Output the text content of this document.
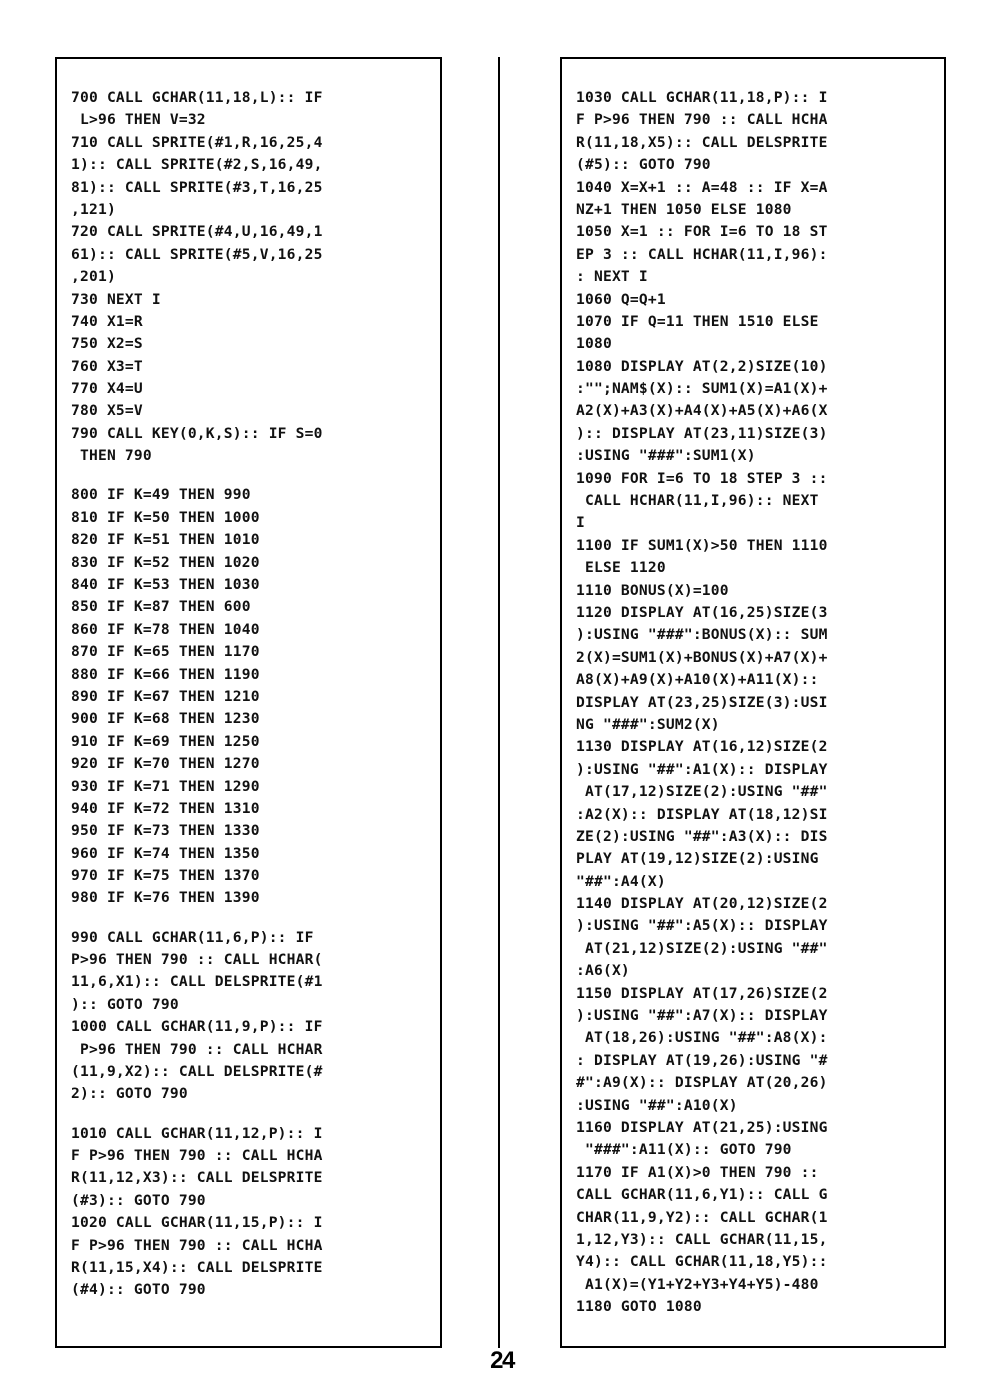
700 CALL GCHAR(11,18,L):: IF
L>96 THEN V=32
710 CALL SPRITE(#1,R,16,25,4
1):: CALL SPRITE(#2,S,16,49,
81):: CALL SPRITE(#3,T,16,25
,121)
720 CALL SPRITE(#4,U,16,49,1
61):: CALL SPRITE(#5,V,16,25
,201)
730 NEXT I
740 X1=R
750 X2=S
760 X3=T
770 X4=U
780 X5=V
790 CALL KEY(0,K,S):: IF S=0
THEN 790
800 IF K=49 THEN 990
810 IF K=50 THEN 1000
820 IF K=51 THEN 1010
830 IF K=52 THEN 1020
840 IF K=53 THEN 1030
850 IF K=87 THEN 600
860 IF K=78 THEN 1040
870 IF K=65 THEN 1170
880 IF K=66 THEN 1190
890 IF K=67 THEN 1210
900 IF K=68 THEN 1230
910 IF K=69 THEN 1250
920 IF K=70 THEN 1270
930 IF K=71 THEN 1290
940 IF K=72 THEN 1310
950 IF K=73 THEN 1330
960 IF K=74 THEN 1350
970 IF K=75 THEN 1370
980 IF K=76 THEN 1390
990 CALL GCHAR(11,6,P):: IF
P>96 THEN 790 :: CALL HCHAR(
11,6,X1):: CALL DELSPRITE(#1
):: GOTO 790
1000 CALL GCHAR(11,9,P):: IF
P>96 THEN 790 :: CALL HCHAR
(11,9,X2):: CALL DELSPRITE(#
2):: GOTO 790
1010 CALL GCHAR(11,12,P):: I
F P>96 THEN 790 :: CALL HCHA
R(11,12,X3):: CALL DELSPRITE
(#3):: GOTO 790
1020 CALL GCHAR(11,15,P):: I
F P>96 THEN 790 :: CALL HCHA
R(11,15,X4):: CALL DELSPRITE
(#4):: GOTO 790
1030 CALL GCHAR(11,18,P):: I
F P>96 THEN 790 :: CALL HCHA
R(11,18,X5):: CALL DELSPRITE
(#5):: GOTO 790
1040 X=X+1 :: A=48 :: IF X=A
NZ+1 THEN 1050 ELSE 1080
1050 X=1 :: FOR I=6 TO 18 ST
EP 3 :: CALL HCHAR(11,I,96):
: NEXT I
1060 Q=Q+1
1070 IF Q=11 THEN 1510 ELSE
1080
1080 DISPLAY AT(2,2)SIZE(10)
:"";NAM$(X):: SUM1(X)=A1(X)+
A2(X)+A3(X)+A4(X)+A5(X)+A6(X
):: DISPLAY AT(23,11)SIZE(3)
:USING "###":SUM1(X)
1090 FOR I=6 TO 18 STEP 3 ::
CALL HCHAR(11,I,96):: NEXT
I
1100 IF SUM1(X)>50 THEN 1110
ELSE 1120
1110 BONUS(X)=100
1120 DISPLAY AT(16,25)SIZE(3
):USING "###":BONUS(X):: SUM
2(X)=SUM1(X)+BONUS(X)+A7(X)+
A8(X)+A9(X)+A10(X)+A11(X)::
DISPLAY AT(23,25)SIZE(3):USI
NG "###":SUM2(X)
1130 DISPLAY AT(16,12)SIZE(2
):USING "##":A1(X):: DISPLAY
AT(17,12)SIZE(2):USING "##"
:A2(X):: DISPLAY AT(18,12)SI
ZE(2):USING "##":A3(X):: DIS
PLAY AT(19,12)SIZE(2):USING
"##":A4(X)
1140 DISPLAY AT(20,12)SIZE(2
):USING "##":A5(X):: DISPLAY
AT(21,12)SIZE(2):USING "##"
:A6(X)
1150 DISPLAY AT(17,26)SIZE(2
):USING "##":A7(X):: DISPLAY
AT(18,26):USING "##":A8(X):
: DISPLAY AT(19,26):USING "#
#":A9(X):: DISPLAY AT(20,26)
:USING "##":A10(X)
1160 DISPLAY AT(21,25):USING
"###":A11(X):: GOTO 790
1170 IF A1(X)>0 THEN 790 ::
CALL GCHAR(11,6,Y1):: CALL G
CHAR(11,9,Y2):: CALL GCHAR(1
1,12,Y3):: CALL GCHAR(11,15,
Y4):: CALL GCHAR(11,18,Y5)::
A1(X)=(Y1+Y2+Y3+Y4+Y5)-480
1180 GOTO 1080
24
